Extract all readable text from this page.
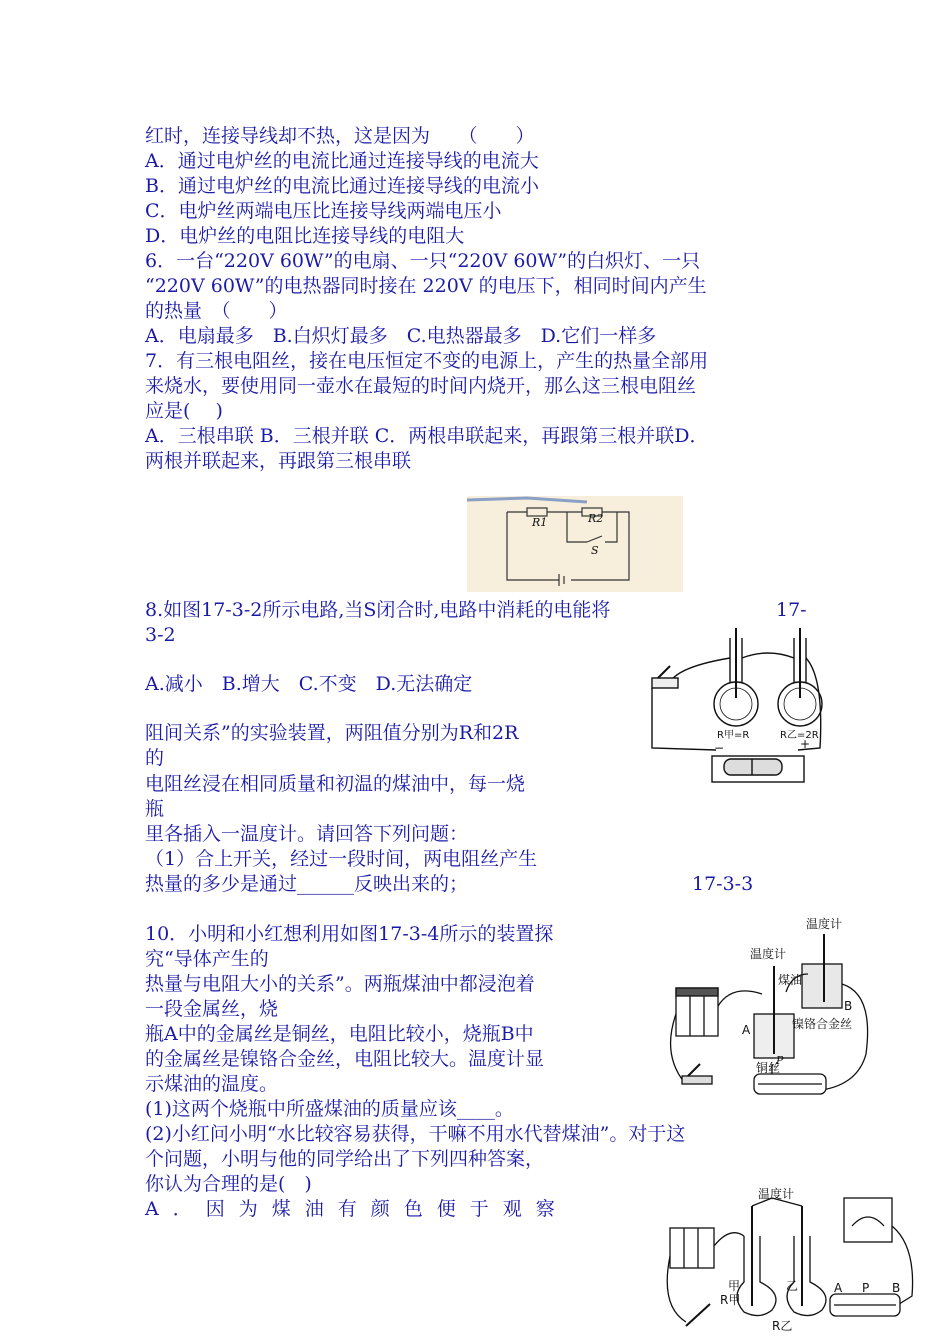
红时，连接导线却不热，这是因为　　（　　）
A．通过电炉丝的电流比通过连接导线的电流大
B．通过电炉丝的电流比通过连接导线的电流小
C．电炉丝两端电压比连接导线两端电压小
D．电炉丝的电阻比连接导线的电阻大
6．一台“220V 60W”的电扇、一只“220V 60W”的白炽灯、一只
“220V 60W”的电热器同时接在 220V 的电压下，相同时间内产生
的热量　（　　）
A．电扇最多　B.白炽灯最多　C.电热器最多　D.它们一样多
7．有三根电阻丝，接在电压恒定不变的电源上，产生的热量全部用
来烧水，要使用同一壶水在最短的时间内烧开，那么这三根电阻丝
应是(　 )
A．三根串联 B．三根并联 C．两根串联起来，再跟第三根并联D．
两根并联起来，再跟第三根串联
8.如图17-3-2所示电路,当S闭合时,电路中消耗的电能将	17-
3-2
A.减小　B.增大　C.不变　D.无法确定
阻间关系”的实验装置，两阻值分别为R和2R
的
电阻丝浸在相同质量和初温的煤油中，每一烧
瓶
里各插入一温度计。请回答下列问题：
（1）合上开关，经过一段时间，两电阻丝产生
热量的多少是通过______反映出来的；	17-3-3
10．小明和小红想利用如图17-3-4所示的装置探
究“导体产生的
热量与电阻大小的关系”。两瓶煤油中都浸泡着
一段金属丝，烧
瓶A中的金属丝是铜丝，电阻比较小，烧瓶B中
的金属丝是镍铬合金丝，电阻比较大。温度计显
示煤油的温度。
(1)这两个烧瓶中所盛煤油的质量应该____。
(2)小红问小明“水比较容易获得，干嘛不用水代替煤油”。对于这
个问题，小明与他的同学给出了下列四种答案，
你认为合理的是(　)
A．因为煤油有颜色便于观察
R1	R2
S
R甲=R	R乙=2R
−	+
温度计
温度计
煤油
A
B
镍铬合金丝
铜丝
P
温度计
甲	乙
R甲
R乙
A P B
